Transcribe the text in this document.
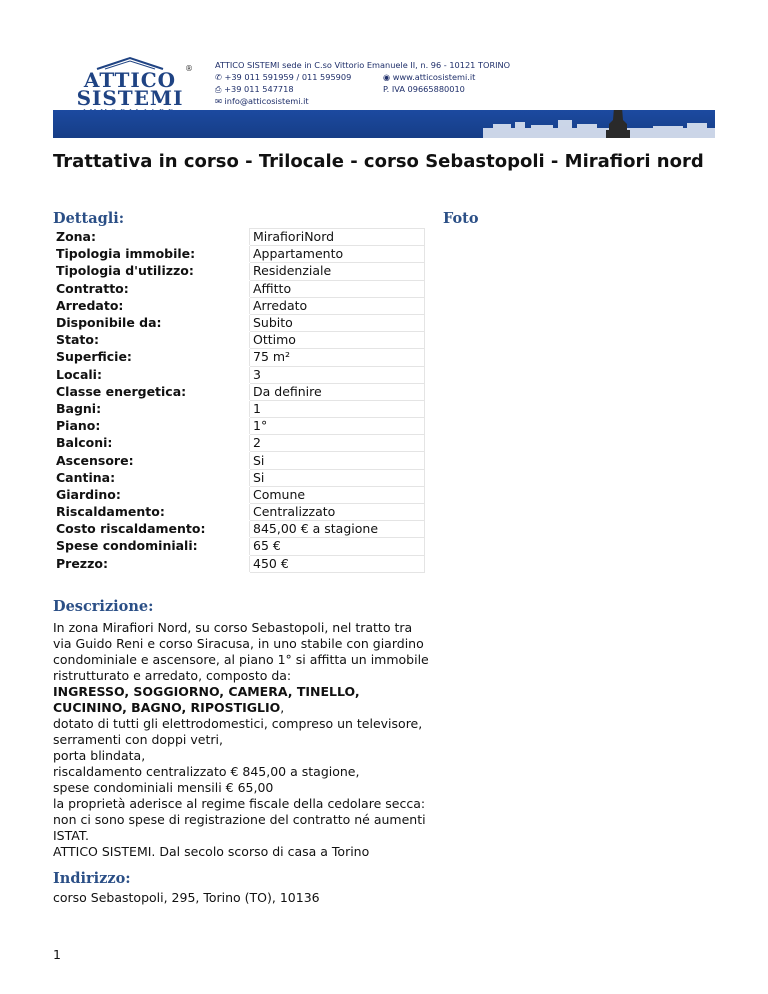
ATTICO
SISTEMI
®	ATTICO SISTEMI sede in C.so Vittorio Emanuele II, n. 96 - 10121 TORINO
✆ +39 011 591959 / 011 595909	◉ www.atticosistemi.it
⎙ +39 011 547718	P. IVA 09665880010
✉ info@atticosistemi.it
Trattativa in corso - Trilocale - corso Sebastopoli - Mirafiori nord
Dettagli:	Foto
Zona:	MirafioriNord
Tipologia immobile:	Appartamento
Tipologia d'utilizzo:	Residenziale
Contratto:	Affitto
Arredato:	Arredato
Disponibile da:	Subito
Stato:	Ottimo
Superficie:	75 m²
Locali:	3
Classe energetica:	Da definire
Bagni:	1
Piano:	1°
Balconi:	2
Ascensore:	Si
Cantina:	Si
Giardino:	Comune
Riscaldamento:	Centralizzato
Costo riscaldamento:	845,00 € a stagione
Spese condominiali:	65 €
Prezzo:	450 €
Descrizione:
In zona Mirafiori Nord, su corso Sebastopoli, nel tratto tra via Guido Reni e corso Siracusa, in uno stabile con giardino condominiale e ascensore, al piano 1° si affitta un immobile ristrutturato e arredato, composto da:
INGRESSO, SOGGIORNO, CAMERA, TINELLO, CUCININO, BAGNO, RIPOSTIGLIO,
dotato di tutti gli elettrodomestici, compreso un televisore,
serramenti con doppi vetri,
porta blindata,
riscaldamento centralizzato € 845,00 a stagione,
spese condominiali mensili € 65,00
la proprietà aderisce al regime fiscale della cedolare secca: non ci sono spese di registrazione del contratto né aumenti ISTAT.
ATTICO SISTEMI. Dal secolo scorso di casa a Torino
Indirizzo:
corso Sebastopoli, 295, Torino (TO), 10136
1
